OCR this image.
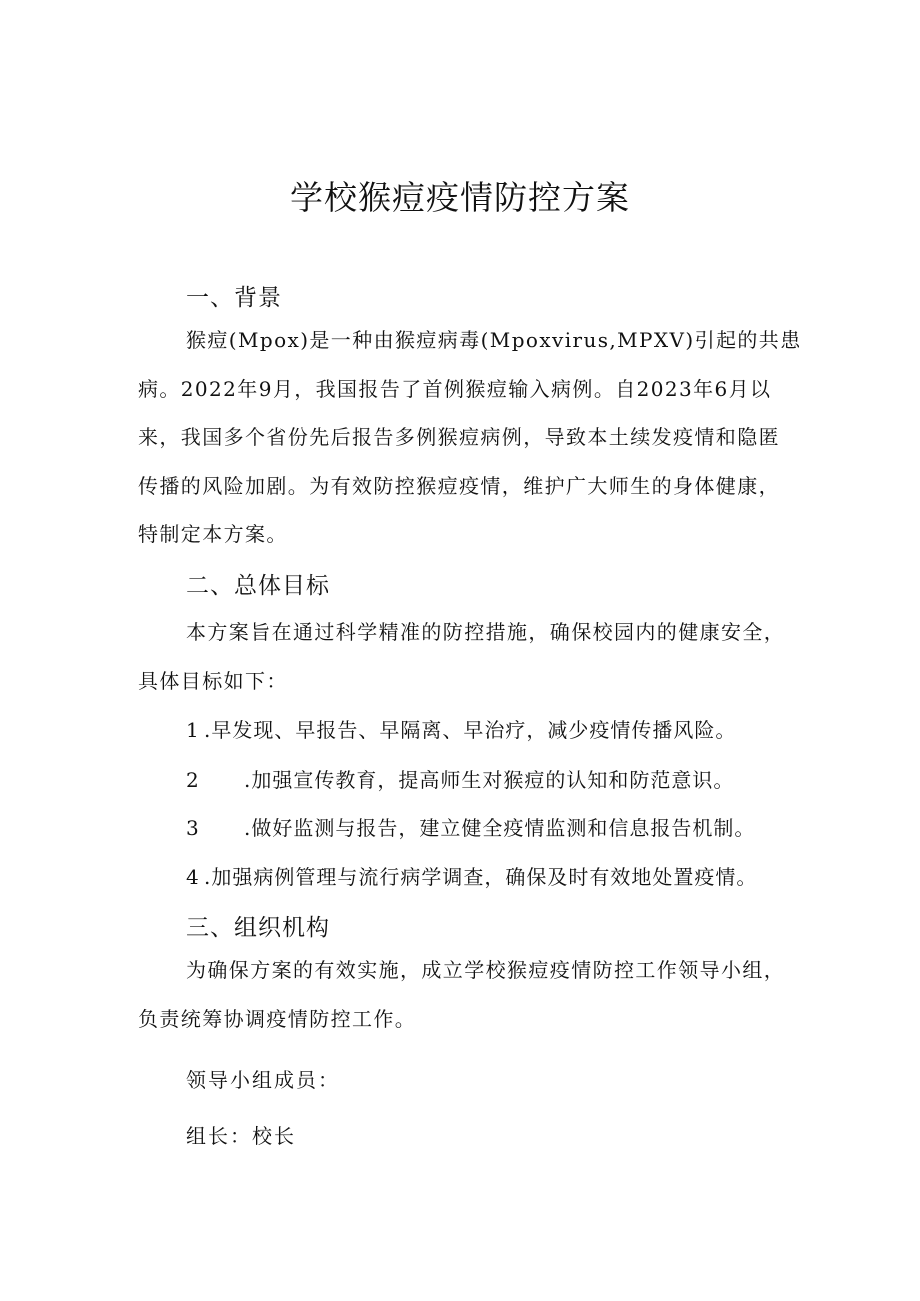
学校猴痘疫情防控方案
一、背景
猴痘(Mpox)是一种由猴痘病毒(Mpoxvirus,MPXV)引起的共患
病。2022年9月，我国报告了首例猴痘输入病例。自2023年6月以
来，我国多个省份先后报告多例猴痘病例，导致本土续发疫情和隐匿
传播的风险加剧。为有效防控猴痘疫情，维护广大师生的身体健康，
特制定本方案。
二、总体目标
本方案旨在通过科学精准的防控措施，确保校园内的健康安全，
具体目标如下：
1 .早发现、早报告、早隔离、早治疗，减少疫情传播风险。
2 .加强宣传教育，提高师生对猴痘的认知和防范意识。
3 .做好监测与报告，建立健全疫情监测和信息报告机制。
4 .加强病例管理与流行病学调查，确保及时有效地处置疫情。
三、组织机构
为确保方案的有效实施，成立学校猴痘疫情防控工作领导小组，
负责统筹协调疫情防控工作。
领导小组成员：
组长：校长
